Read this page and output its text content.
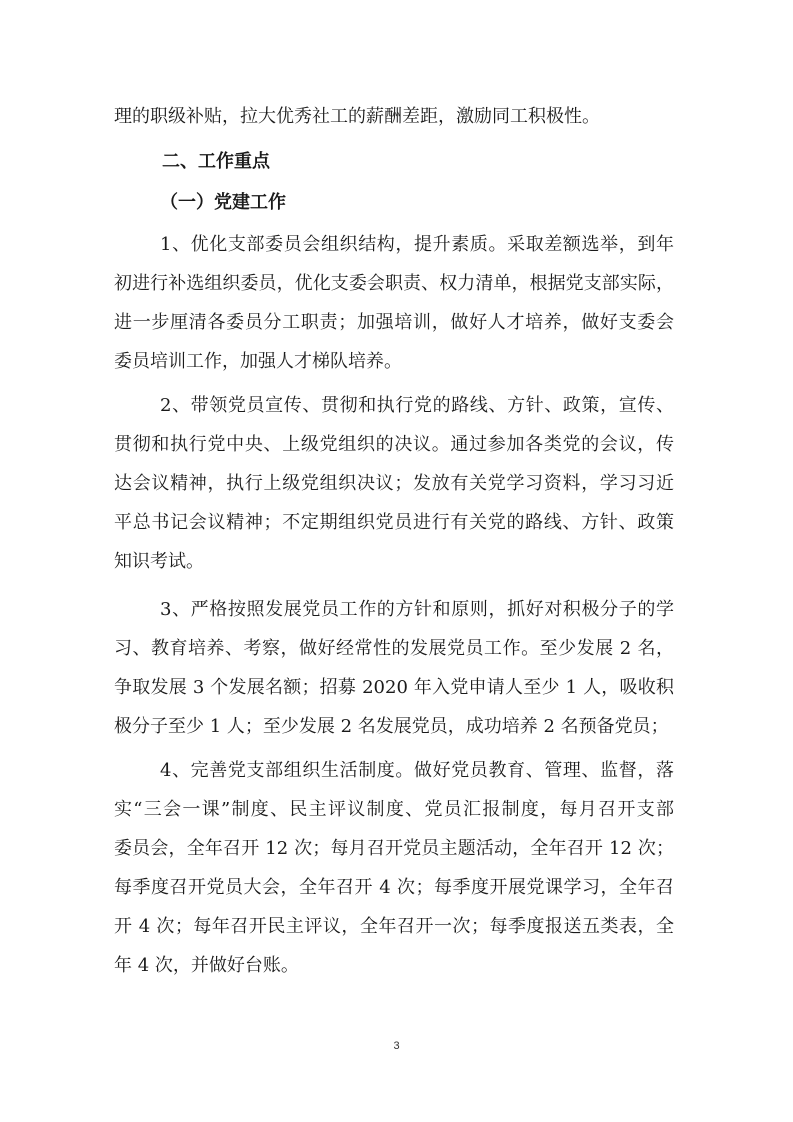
理的职级补贴，拉大优秀社工的薪酬差距，激励同工积极性。
二、工作重点
（一）党建工作
1、优化支部委员会组织结构，提升素质。采取差额选举，到年
初进行补选组织委员，优化支委会职责、权力清单，根据党支部实际，
进一步厘清各委员分工职责；加强培训，做好人才培养，做好支委会
委员培训工作，加强人才梯队培养。
2、带领党员宣传、贯彻和执行党的路线、方针、政策，宣传、
贯彻和执行党中央、上级党组织的决议。通过参加各类党的会议，传
达会议精神，执行上级党组织决议；发放有关党学习资料，学习习近
平总书记会议精神；不定期组织党员进行有关党的路线、方针、政策
知识考试。
3、严格按照发展党员工作的方针和原则，抓好对积极分子的学
习、教育培养、考察，做好经常性的发展党员工作。至少发展 2 名，
争取发展 3 个发展名额；招募 2020 年入党申请人至少 1 人，吸收积
极分子至少 1 人；至少发展 2 名发展党员，成功培养 2 名预备党员；
4、完善党支部组织生活制度。做好党员教育、管理、监督，落
实“三会一课”制度、民主评议制度、党员汇报制度，每月召开支部
委员会，全年召开 12 次；每月召开党员主题活动，全年召开 12 次；
每季度召开党员大会，全年召开 4 次；每季度开展党课学习，全年召
开 4 次；每年召开民主评议，全年召开一次；每季度报送五类表，全
年 4 次，并做好台账。
3
